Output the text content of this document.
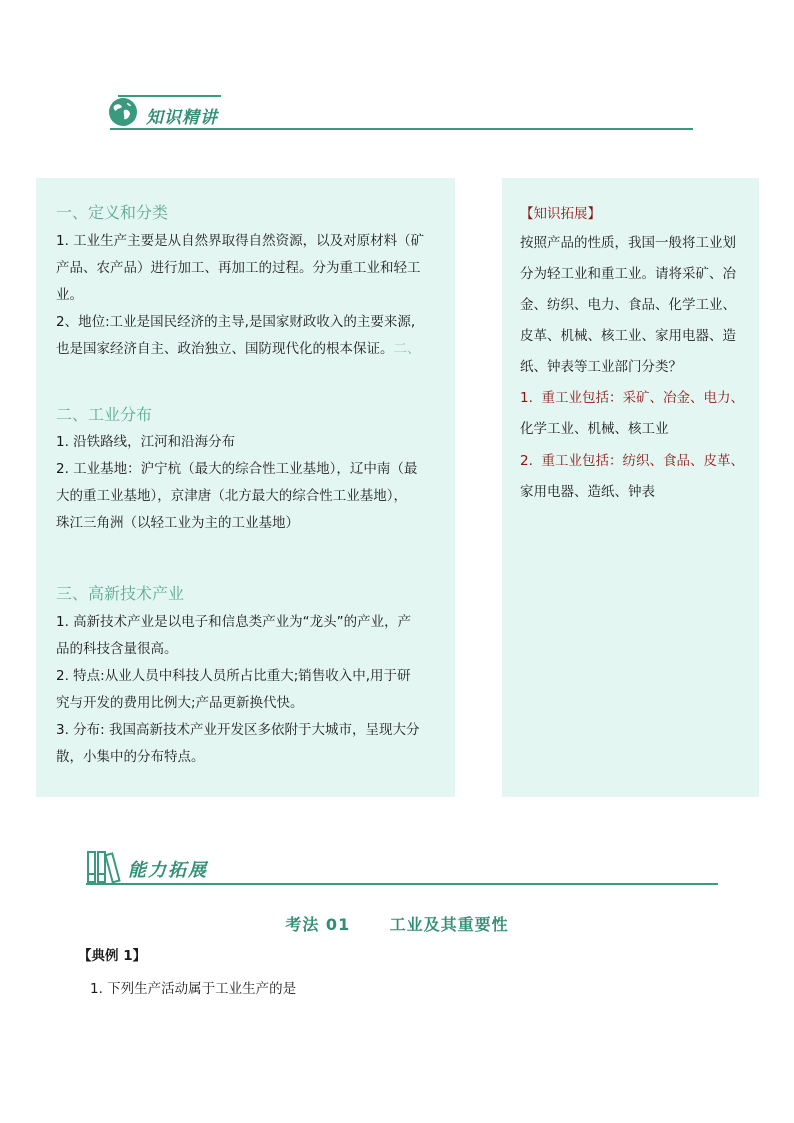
知识精讲
一、定义和分类
1. 工业生产主要是从自然界取得自然资源，以及对原材料（矿
产品、农产品）进行加工、再加工的过程。分为重工业和轻工
业。
2、地位:工业是国民经济的主导,是国家财政收入的主要来源,
也是国家经济自主、政治独立、国防现代化的根本保证。二、
二、工业分布
1. 沿铁路线，江河和沿海分布
2. 工业基地：沪宁杭（最大的综合性工业基地），辽中南（最
大的重工业基地），京津唐（北方最大的综合性工业基地），
珠江三角洲（以轻工业为主的工业基地）
三、高新技术产业
1. 高新技术产业是以电子和信息类产业为“龙头”的产业，产
品的科技含量很高。
2. 特点:从业人员中科技人员所占比重大;销售收入中,用于研
究与开发的费用比例大;产品更新换代快。
3. 分布: 我国高新技术产业开发区多依附于大城市，呈现大分
散，小集中的分布特点。
【知识拓展】
按照产品的性质，我国一般将工业划
分为轻工业和重工业。请将采矿、冶
金、纺织、电力、食品、化学工业、
皮革、机械、核工业、家用电器、造
纸、钟表等工业部门分类？
1. 重工业包括：采矿、冶金、电力、
化学工业、机械、核工业
2. 重工业包括：纺织、食品、皮革、
家用电器、造纸、钟表
能力拓展
考法 01      工业及其重要性
【典例 1】
1. 下列生产活动属于工业生产的是
